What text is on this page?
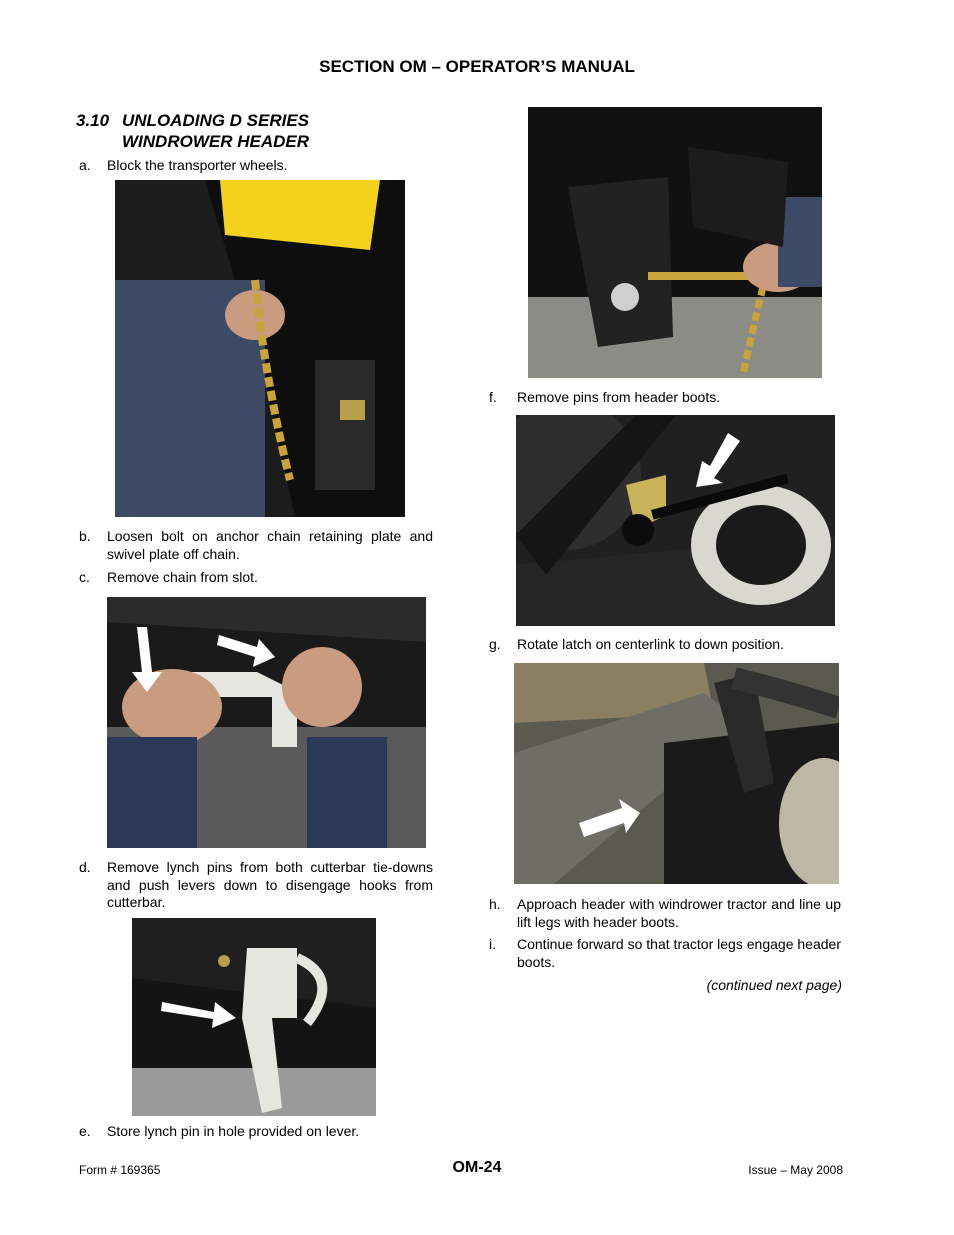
SECTION OM – OPERATOR’S MANUAL
3.10 UNLOADING D SERIES
WINDROWER HEADER
a. Block the transporter wheels.
b. Loosen bolt on anchor chain retaining plate and swivel plate off chain.
c. Remove chain from slot.
d. Remove lynch pins from both cutterbar tie-downs and push levers down to disengage hooks from cutterbar.
e. Store lynch pin in hole provided on lever.
f. Remove pins from header boots.
g. Rotate latch on centerlink to down position.
h. Approach header with windrower tractor and line up lift legs with header boots.
i. Continue forward so that tractor legs engage header boots.
(continued next page)
Form # 169365	OM-24	Issue – May 2008
